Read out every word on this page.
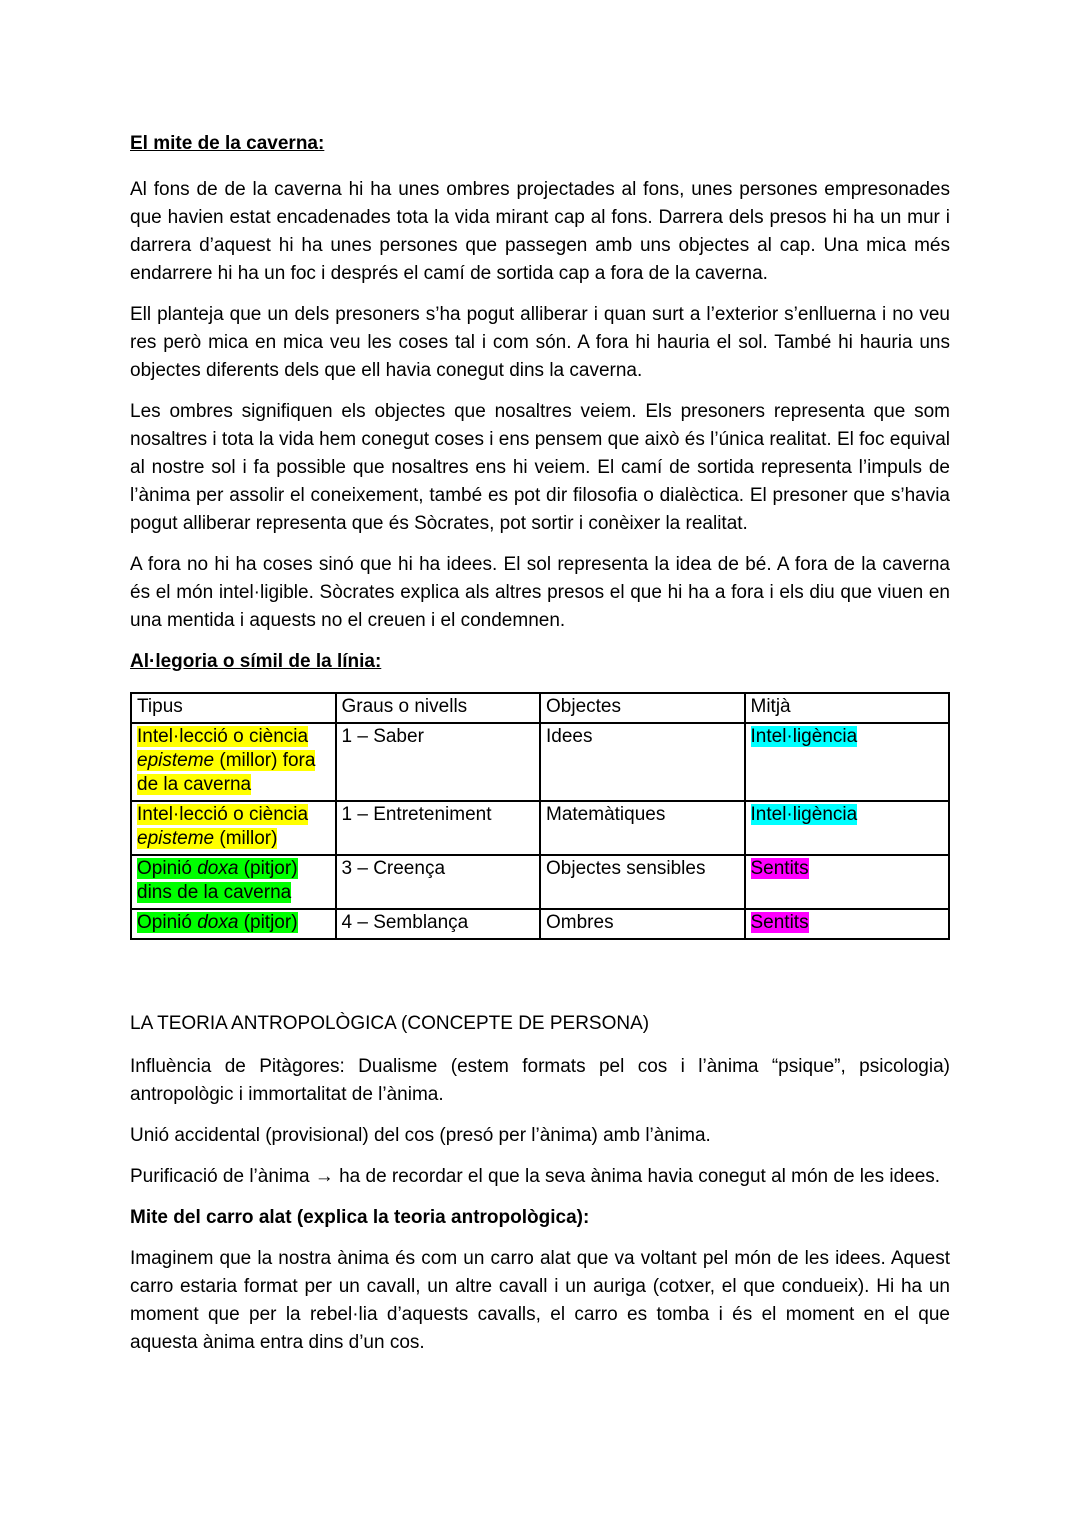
El mite de la caverna:

Al fons de de la caverna hi ha unes ombres projectades al fons, unes persones empresonades que havien estat encadenades tota la vida mirant cap al fons. Darrera dels presos hi ha un mur i darrera d’aquest hi ha unes persones que passegen amb uns objectes al cap. Una mica més endarrere hi ha un foc i després el camí de sortida cap a fora de la caverna.

Ell planteja que un dels presoners s’ha pogut alliberar i quan surt a l’exterior s’enlluerna i no veu res però mica en mica veu les coses tal i com són. A fora hi hauria el sol. També hi hauria uns objectes diferents dels que ell havia conegut dins la caverna.

Les ombres signifiquen els objectes que nosaltres veiem. Els presoners representa que som nosaltres i tota la vida hem conegut coses i ens pensem que això és l’única realitat. El foc equival al nostre sol i fa possible que nosaltres ens hi veiem. El camí de sortida representa l’impuls de l’ànima per assolir el coneixement, també es pot dir filosofia o dialèctica. El presoner que s’havia pogut alliberar representa que és Sòcrates, pot sortir i conèixer la realitat.

A fora no hi ha coses sinó que hi ha idees. El sol representa la idea de bé. A fora de la caverna és el món intel·ligible. Sòcrates explica als altres presos el que hi ha a fora i els diu que viuen en una mentida i aquests no el creuen i el condemnen.

Al·legoria o símil de la línia:
Tipus	Graus o nivells	Objectes	Mitjà
Intel·lecció o ciència episteme (millor) fora de la caverna	1 – Saber	Idees	Intel·ligència
Intel·lecció o ciència episteme (millor)	1 – Entreteniment	Matemàtiques	Intel·ligència
Opinió doxa (pitjor) dins de la caverna	3 – Creença	Objectes sensibles	Sentits
Opinió doxa (pitjor)	4 – Semblança	Ombres	Sentits
LA TEORIA ANTROPOLÒGICA (CONCEPTE DE PERSONA)

Influència de Pitàgores: Dualisme (estem formats pel cos i l’ànima “psique”, psicologia) antropològic i immortalitat de l’ànima.

Unió accidental (provisional) del cos (presó per l’ànima) amb l’ànima.

Purificació de l’ànima → ha de recordar el que la seva ànima havia conegut al món de les idees.

Mite del carro alat (explica la teoria antropològica):

Imaginem que la nostra ànima és com un carro alat que va voltant pel món de les idees. Aquest carro estaria format per un cavall, un altre cavall i un auriga (cotxer, el que condueix). Hi ha un moment que per la rebel·lia d’aquests cavalls, el carro es tomba i és el moment en el que aquesta ànima entra dins d’un cos.
